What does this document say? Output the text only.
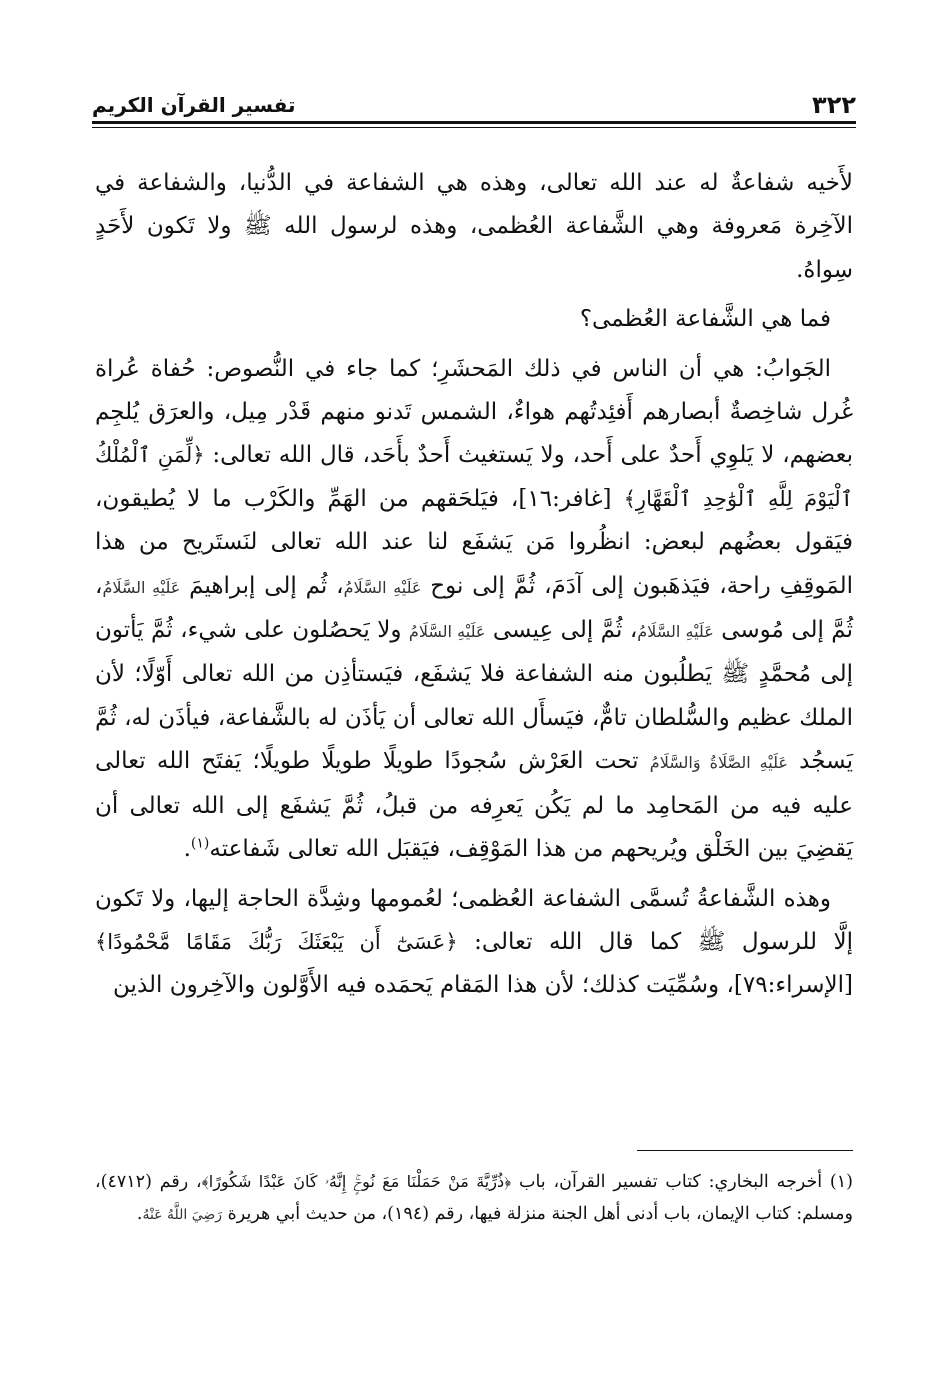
٣٢٢
تفسير القرآن الكريم

لأَخيه شفاعةٌ له عند الله تعالى، وهذه هي الشفاعة في الدُّنيا، والشفاعة في الآخِرة مَعروفة وهي الشَّفاعة العُظمى، وهذه لرسول الله ﷺ ولا تَكون لأَحَدٍ سِواهُ.

فما هي الشَّفاعة العُظمى؟

الجَوابُ: هي أن الناس في ذلك المَحشَرِ؛ كما جاء في النُّصوص: حُفاة عُراة غُرل شاخِصةٌ أبصارهم أَفئِدتُهم هواءٌ، الشمس تَدنو منهم قَدْر مِيل، والعرَق يُلجِم بعضهم، لا يَلوِي أَحدٌ على أَحد، ولا يَستغيث أَحدٌ بأَحَد، قال الله تعالى: ﴿لِّمَنِ ٱلْمُلْكُ ٱلْيَوْمَ لِلَّهِ ٱلْوَٰحِدِ ٱلْقَهَّارِ﴾ [غافر:١٦]، فيَلحَقهم من الهَمِّ والكَرْب ما لا يُطيقون، فيَقول بعضُهم لبعض: انظُروا مَن يَشفَع لنا عند الله تعالى لنَستَريح من هذا المَوقِفِ راحة، فيَذهَبون إلى آدَمَ، ثُمَّ إلى نوح عَلَيْهِ السَّلَامُ، ثُم إلى إبراهيمَ عَلَيْهِ السَّلَامُ، ثُمَّ إلى مُوسى عَلَيْهِ السَّلَامُ، ثُمَّ إلى عِيسى عَلَيْهِ السَّلَامُ ولا يَحصُلون على شيء، ثُمَّ يَأتون إلى مُحمَّدٍ ﷺ يَطلُبون منه الشفاعة فلا يَشفَع، فيَستأذِن من الله تعالى أَوّلًا؛ لأن الملك عظيم والسُّلطان تامٌّ، فيَسأَل الله تعالى أن يَأذَن له بالشَّفاعة، فيأذَن له، ثُمَّ يَسجُد عَلَيْهِ الصَّلَاةُ وَالسَّلَامُ تحت العَرْش سُجودًا طويلًا طويلًا طويلًا؛ يَفتَح الله تعالى عليه فيه من المَحامِد ما لم يَكُن يَعرِفه من قبلُ، ثُمَّ يَشفَع إلى الله تعالى أن يَقضِيَ بين الخَلْق ويُريحهم من هذا المَوْقِف، فيَقبَل الله تعالى شَفاعته$^{(١)}$.

وهذه الشَّفاعةُ تُسمَّى الشفاعة العُظمى؛ لعُمومها وشِدَّة الحاجة إليها، ولا تَكون إلَّا للرسول ﷺ كما قال الله تعالى: ﴿عَسَىٰٓ أَن يَبْعَثَكَ رَبُّكَ مَقَامًا مَّحْمُودًا﴾ [الإسراء:٧٩]، وسُمِّيَت كذلك؛ لأن هذا المَقام يَحمَده فيه الأَوَّلون والآخِرون الذين

(١) أخرجه البخاري: كتاب تفسير القرآن، باب ﴿ذُرِّيَّةَ مَنْ حَمَلْنَا مَعَ نُوحٍۚ إِنَّهُۥ كَانَ عَبْدًا شَكُورًا﴾، رقم (٤٧١٢)، ومسلم: كتاب الإيمان، باب أدنى أهل الجنة منزلة فيها، رقم (١٩٤)، من حديث أبي هريرة رَضِيَ اللَّهُ عَنْهُ.
